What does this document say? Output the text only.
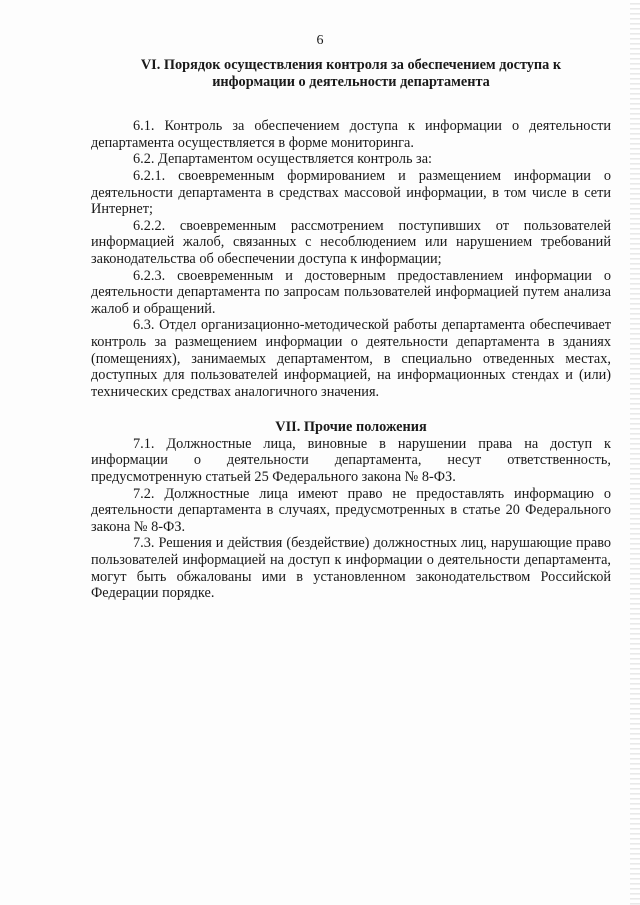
6
VI. Порядок осуществления контроля за обеспечением доступа к информации о деятельности департамента

6.1. Контроль за обеспечением доступа к информации о деятельности департамента осуществляется в форме мониторинга.

6.2. Департаментом осуществляется контроль за:

6.2.1. своевременным формированием и размещением информации о деятельности департамента в средствах массовой информации, в том числе в сети Интернет;

6.2.2. своевременным рассмотрением поступивших от пользователей информацией жалоб, связанных с несоблюдением или нарушением требований законодательства об обеспечении доступа к информации;

6.2.3. своевременным и достоверным предоставлением информации о деятельности департамента по запросам пользователей информацией путем анализа жалоб и обращений.

6.3. Отдел организационно-методической работы департамента обеспечивает контроль за размещением информации о деятельности департамента в зданиях (помещениях), занимаемых департаментом, в специально отведенных местах, доступных для пользователей информацией, на информационных стендах и (или) технических средствах аналогичного значения.

VII. Прочие положения

7.1. Должностные лица, виновные в нарушении права на доступ к информации о деятельности департамента, несут ответственность, предусмотренную статьей 25 Федерального закона № 8-ФЗ.

7.2. Должностные лица имеют право не предоставлять информацию о деятельности департамента в случаях, предусмотренных в статье 20 Федерального закона № 8-ФЗ.

7.3. Решения и действия (бездействие) должностных лиц, нарушающие право пользователей информацией на доступ к информации о деятельности департамента, могут быть обжалованы ими в установленном законодательством Российской Федерации порядке.
